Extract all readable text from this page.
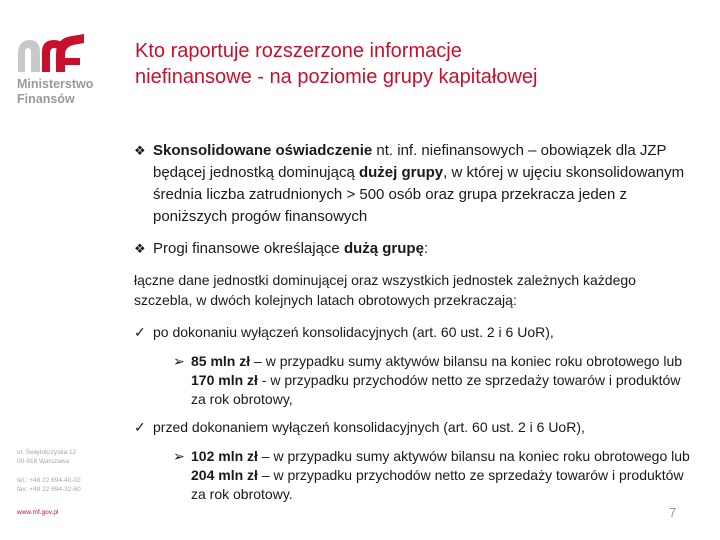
Ministerstwo
Finansów
ul. Świętokrzyska 12
00-916 Warszawa
tel.: +48 22 694-40-02
fax: +48 22 694-32-60
www.mf.gov.pl
Kto raportuje rozszerzone informacje
niefinansowe - na poziomie grupy kapitałowej
❖ Skonsolidowane oświadczenie nt. inf. niefinansowych – obowiązek dla JZP będącej jednostką dominującą dużej grupy, w której w ujęciu skonsolidowanym średnia liczba zatrudnionych > 500 osób oraz grupa przekracza jeden z poniższych progów finansowych
❖ Progi finansowe określające dużą grupę:
łączne dane jednostki dominującej oraz wszystkich jednostek zależnych każdego szczebla, w dwóch kolejnych latach obrotowych przekraczają:
✓ po dokonaniu wyłączeń konsolidacyjnych (art. 60 ust. 2 i 6 UoR),
➢ 85 mln zł – w przypadku sumy aktywów bilansu na koniec roku obrotowego lub 170 mln zł - w przypadku przychodów netto ze sprzedaży towarów i produktów za rok obrotowy,
✓ przed dokonaniem wyłączeń konsolidacyjnych (art. 60 ust. 2 i 6 UoR),
➢ 102 mln zł – w przypadku sumy aktywów bilansu na koniec roku obrotowego lub 204 mln zł – w przypadku przychodów netto ze sprzedaży towarów i produktów za rok obrotowy.
7
